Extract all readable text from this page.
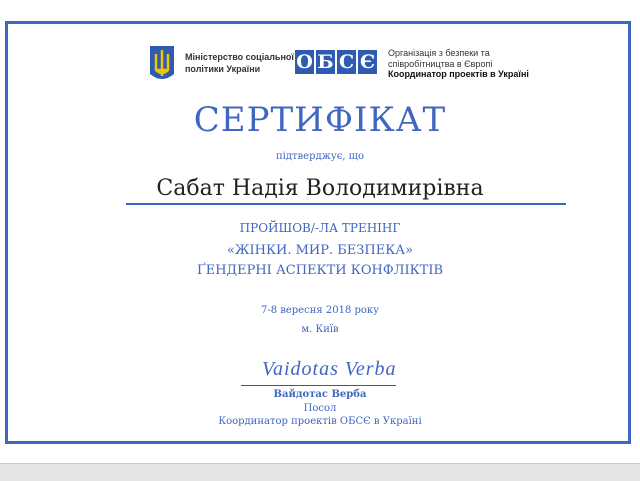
Міністерство соціальної
політики України	О Б С Є Організація з безпеки та
співробітництва в Європі
Координатор проектів в Україні
СЕРТИФІКАТ
підтверджує, що
Сабат Надія Володимирівна
ПРОЙШОВ/-ЛА ТРЕНІНГ
«ЖІНКИ. МИР. БЕЗПЕКА»
ҐЕНДЕРНІ АСПЕКТИ КОНФЛІКТІВ
7-8 вересня 2018 року
м. Київ
Vaidotas Verba
Вайдотас Верба
Посол
Координатор проектів ОБСЄ в Україні
